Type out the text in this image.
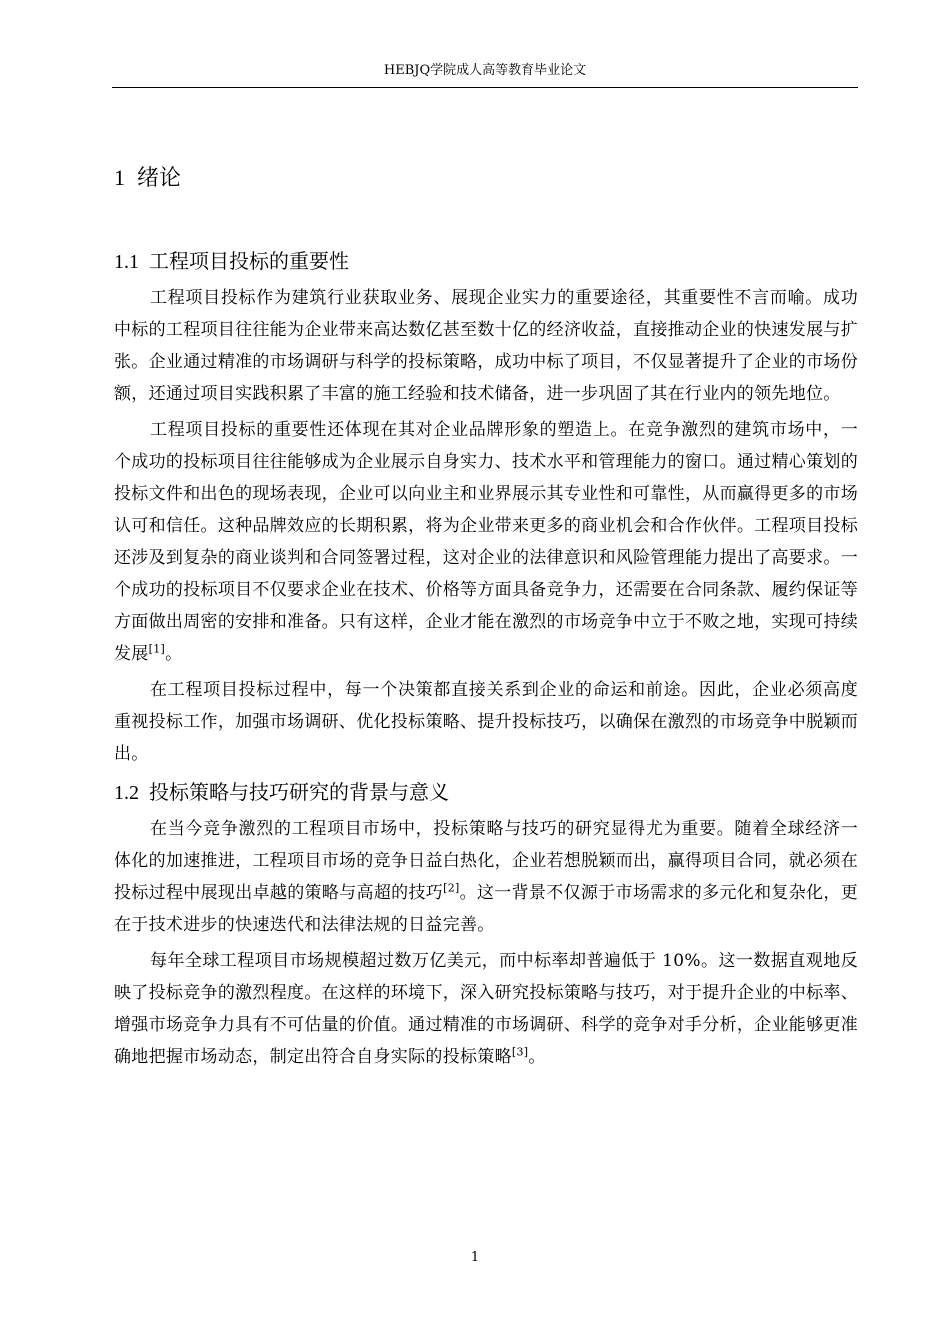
HEBJQ学院成人高等教育毕业论文
1 绪论
1.1 工程项目投标的重要性

工程项目投标作为建筑行业获取业务、展现企业实力的重要途径，其重要性不言而喻。成功中标的工程项目往往能为企业带来高达数亿甚至数十亿的经济收益，直接推动企业的快速发展与扩张。企业通过精准的市场调研与科学的投标策略，成功中标了项目，不仅显著提升了企业的市场份额，还通过项目实践积累了丰富的施工经验和技术储备，进一步巩固了其在行业内的领先地位。

工程项目投标的重要性还体现在其对企业品牌形象的塑造上。在竞争激烈的建筑市场中，一个成功的投标项目往往能够成为企业展示自身实力、技术水平和管理能力的窗口。通过精心策划的投标文件和出色的现场表现，企业可以向业主和业界展示其专业性和可靠性，从而赢得更多的市场认可和信任。这种品牌效应的长期积累，将为企业带来更多的商业机会和合作伙伴。工程项目投标还涉及到复杂的商业谈判和合同签署过程，这对企业的法律意识和风险管理能力提出了高要求。一个成功的投标项目不仅要求企业在技术、价格等方面具备竞争力，还需要在合同条款、履约保证等方面做出周密的安排和准备。只有这样，企业才能在激烈的市场竞争中立于不败之地，实现可持续发展[1]。

在工程项目投标过程中，每一个决策都直接关系到企业的命运和前途。因此，企业必须高度重视投标工作，加强市场调研、优化投标策略、提升投标技巧，以确保在激烈的市场竞争中脱颖而出。

1.2 投标策略与技巧研究的背景与意义

在当今竞争激烈的工程项目市场中，投标策略与技巧的研究显得尤为重要。随着全球经济一体化的加速推进，工程项目市场的竞争日益白热化，企业若想脱颖而出，赢得项目合同，就必须在投标过程中展现出卓越的策略与高超的技巧[2]。这一背景不仅源于市场需求的多元化和复杂化，更在于技术进步的快速迭代和法律法规的日益完善。

每年全球工程项目市场规模超过数万亿美元，而中标率却普遍低于 10%。这一数据直观地反映了投标竞争的激烈程度。在这样的环境下，深入研究投标策略与技巧，对于提升企业的中标率、增强市场竞争力具有不可估量的价值。通过精准的市场调研、科学的竞争对手分析，企业能够更准确地把握市场动态，制定出符合自身实际的投标策略[3]。

1
